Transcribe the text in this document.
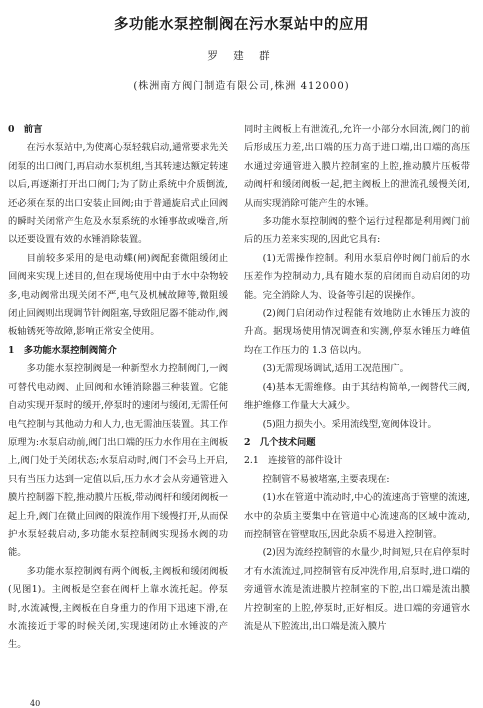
多功能水泵控制阀在污水泵站中的应用
罗 建 群
(株洲南方阀门制造有限公司,株洲 412000)

0　前言

在污水泵站中,为使离心泵轻载启动,通常要求先关闭泵的出口阀门,再启动水泵机组,当其转速达额定转速以后,再逐渐打开出口阀门;为了防止系统中介质倒流,还必须在泵的出口安装止回阀;由于普通旋启式止回阀的瞬时关闭常产生危及水泵系统的水锤事故或噪音,所以还要设置有效的水锤消除装置。

目前较多采用的是电动蝶(闸)阀配套微阻缓闭止回阀来实现上述目的,但在现场使用中由于水中杂物较多,电动阀常出现关闭不严,电气及机械故障等,微阻缓闭止回阀则出现调节针阀阻塞,导致阻尼器不能动作,阀板轴锈死等故障,影响正常安全使用。

1　多功能水泵控制阀简介

多功能水泵控制阀是一种新型水力控制阀门,一阀可替代电动阀、止回阀和水锤消除器三种装置。它能自动实现开泵时的缓开,停泵时的速闭与缓闭,无需任何电气控制与其他动力和人力,也无需油压装置。其工作原理为:水泵启动前,阀门出口端的压力水作用在主阀板上,阀门处于关闭状态;水泵启动时,阀门不会马上开启,只有当压力达到一定值以后,压力水才会从旁通管进入膜片控制器下腔,推动膜片压板,带动阀杆和缓闭阀板一起上升,阀门在微止回阀的限流作用下缓慢打开,从而保护水泵轻载启动,多功能水泵控制阀实现扬水阀的功能。

多功能水泵控制阀有两个阀板,主阀板和缓闭阀板(见图1)。主阀板是空套在阀杆上靠水流托起。停泵时,水流减慢,主阀板在自身重力的作用下迅速下滑,在水流接近于零的时候关闭,实现速闭防止水锤波的产生。

同时主阀板上有泄流孔,允许一小部分水回流,阀门的前后形成压力差,出口端的压力高于进口端,出口端的高压水通过旁通管进入膜片控制室的上腔,推动膜片压板带动阀杆和缓闭阀板一起,把主阀板上的泄流孔缓慢关闭,从而实现消除可能产生的水锤。

多功能水泵控制阀的整个运行过程都是利用阀门前后的压力差来实现的,因此它具有:

(1)无需操作控制。利用水泵启停时阀门前后的水压差作为控制动力,具有随水泵的启闭而自动启闭的功能。完全消除人为、设备等引起的误操作。

(2)阀门启闭动作过程能有效地防止水锤压力波的升高。据现场使用情况调查和实测,停泵水锤压力峰值均在工作压力的 1.3 倍以内。

(3)无需现场调试,适用工况范围广。

(4)基本无需维修。由于其结构简单,一阀替代三阀,维护维修工作量大大减少。

(5)阻力损失小。采用流线型,宽阀体设计。

2　几个技术问题

2.1　连接管的部件设计

控制管不易被堵塞,主要表现在:

(1)水在管道中流动时,中心的流速高于管壁的流速,水中的杂质主要集中在管道中心流速高的区域中流动,而控制管在管壁取压,因此杂质不易进入控制管。

(2)因为流经控制管的水量少,时间短,只在启停泵时才有水流流过,同控制管有反冲洗作用,启泵时,进口端的旁通管水流是流进膜片控制室的下腔,出口端是流出膜片控制室的上腔,停泵时,正好相反。进口端的旁通管水流是从下腔流出,出口端是流入膜片

40
